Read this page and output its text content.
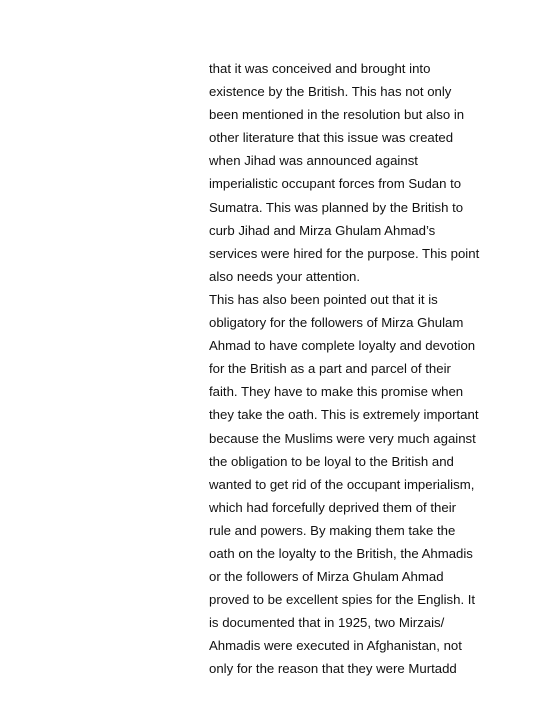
that it was conceived and brought into
existence by the British. This has not only
been mentioned in the resolution but also in
other literature that this issue was created
when Jihad was announced against
imperialistic occupant forces from Sudan to
Sumatra. This was planned by the British to
curb Jihad and Mirza Ghulam Ahmad’s
services were hired for the purpose. This point
also needs your attention.
This has also been pointed out that it is
obligatory for the followers of Mirza Ghulam
Ahmad to have complete loyalty and devotion
for the British as a part and parcel of their
faith. They have to make this promise when
they take the oath. This is extremely important
because the Muslims were very much against
the obligation to be loyal to the British and
wanted to get rid of the occupant imperialism,
which had forcefully deprived them of their
rule and powers. By making them take the
oath on the loyalty to the British, the Ahmadis
or the followers of Mirza Ghulam Ahmad
proved to be excellent spies for the English. It
is documented that in 1925, two Mirzais/
Ahmadis were executed in Afghanistan, not
only for the reason that they were Murtadd
